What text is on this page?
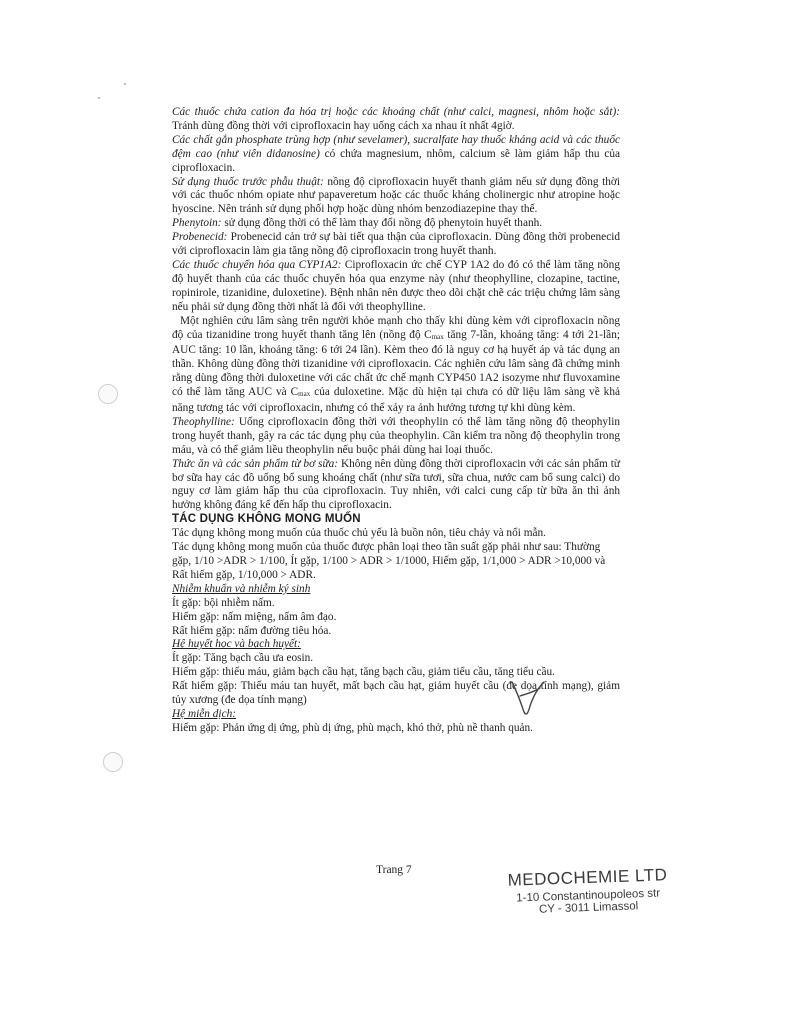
Các thuốc chứa cation đa hóa trị hoặc các khoáng chất (như calci, magnesi, nhôm hoặc sắt): Tránh dùng đồng thời với ciprofloxacin hay uống cách xa nhau ít nhất 4giờ.

Các chất gắn phosphate trùng hợp (như sevelamer), sucralfate hay thuốc kháng acid và các thuốc đệm cao (như viên didanosine) có chứa magnesium, nhôm, calcium sẽ làm giảm hấp thu của ciprofloxacin.

Sử dụng thuốc trước phẫu thuật: nồng độ ciprofloxacin huyết thanh giảm nếu sử dụng đồng thời với các thuốc nhóm opiate như papaveretum hoặc các thuốc kháng cholinergic như atropine hoặc hyoscine. Nên tránh sử dụng phối hợp hoặc dùng nhóm benzodiazepine thay thế.

Phenytoin: sử dụng đồng thời có thể làm thay đổi nồng độ phenytoin huyết thanh.

Probenecid: Probenecid cản trở sự bài tiết qua thận của ciprofloxacin. Dùng đồng thời probenecid với ciprofloxacin làm gia tăng nồng độ ciprofloxacin trong huyết thanh.

Các thuốc chuyển hóa qua CYP1A2: Ciprofloxacin ức chế CYP 1A2 do đó có thể làm tăng nồng độ huyết thanh của các thuốc chuyển hóa qua enzyme này (như theophylline, clozapine, tactine, ropinirole, tizanidine, duloxetine). Bệnh nhân nên được theo dõi chặt chẽ các triệu chứng lâm sàng nếu phải sử dụng đồng thời nhất là đối với theophylline.

Một nghiên cứu lâm sàng trên người khỏe mạnh cho thấy khi dùng kèm với ciprofloxacin nồng độ của tizanidine trong huyết thanh tăng lên (nồng độ $C_{max}$ tăng 7-lần, khoảng tăng: 4 tới 21-lần; AUC tăng: 10 lần, khoảng tăng: 6 tới 24 lần). Kèm theo đó là nguy cơ hạ huyết áp và tác dụng an thần. Không dùng đồng thời tizanidine với ciprofloxacin. Các nghiên cứu lâm sàng đã chứng minh rằng dùng đồng thời duloxetine với các chất ức chế mạnh CYP450 1A2 isozyme như fluvoxamine có thể làm tăng AUC và $C_{max}$ của duloxetine. Mặc dù hiện tại chưa có dữ liệu lâm sàng về khả năng tương tác với ciprofloxacin, nhưng có thể xảy ra ảnh hưởng tương tự khi dùng kèm.

Theophylline: Uống ciprofloxacin đồng thời với theophylin có thể làm tăng nồng độ theophylin trong huyết thanh, gây ra các tác dụng phụ của theophylin. Cần kiểm tra nồng độ theophylin trong máu, và có thể giảm liều theophylin nếu buộc phải dùng hai loại thuốc.

Thức ăn và các sản phẩm từ bơ sữa: Không nên dùng đồng thời ciprofloxacin với các sản phẩm từ bơ sữa hay các đồ uống bổ sung khoáng chất (như sữa tươi, sữa chua, nước cam bổ sung calci) do nguy cơ làm giảm hấp thu của ciprofloxacin. Tuy nhiên, với calci cung cấp từ bữa ăn thì ảnh hưởng không đáng kể đến hấp thu ciprofloxacin.

TÁC DỤNG KHÔNG MONG MUỐN

Tác dụng không mong muốn của thuốc chủ yếu là buồn nôn, tiêu chảy và nổi mẫn.

Tác dụng không mong muốn của thuốc được phân loại theo tần suất gặp phải như sau: Thường gặp, 1/10 >ADR > 1/100, Ít gặp, 1/100 > ADR > 1/1000, Hiếm gặp, 1/1,000 > ADR >10,000 và Rất hiếm gặp, 1/10,000 > ADR.

Nhiễm khuẩn và nhiễm ký sinh

Ít gặp: bội nhiễm nấm.

Hiếm gặp: nấm miệng, nấm âm đạo.

Rất hiếm gặp: nấm đường tiêu hóa.

Hệ huyết học và bạch huyết:

Ít gặp: Tăng bạch cầu ưa eosin.

Hiếm gặp: thiếu máu, giảm bạch cầu hạt, tăng bạch cầu, giảm tiểu cầu, tăng tiểu cầu.

Rất hiếm gặp: Thiếu máu tan huyết, mất bạch cầu hạt, giảm huyết cầu (đe dọa tính mạng), giảm tủy xương (đe dọa tính mạng)

Hệ miễn dịch:

Hiếm gặp: Phản ứng dị ứng, phù dị ứng, phù mạch, khó thở, phù nề thanh quản.

Trang 7	MEDOCHEMIE LTD
1-10 Constantinoupoleos str
CY - 3011 Limassol
